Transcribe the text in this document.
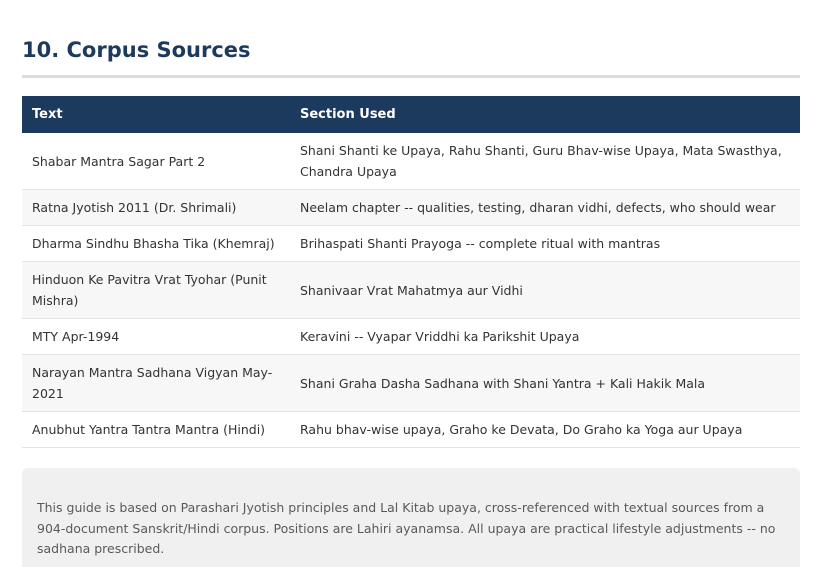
10. Corpus Sources
Text	Section Used
Shabar Mantra Sagar Part 2	Shani Shanti ke Upaya, Rahu Shanti, Guru Bhav-wise Upaya, Mata Swasthya, Chandra Upaya
Ratna Jyotish 2011 (Dr. Shrimali)	Neelam chapter -- qualities, testing, dharan vidhi, defects, who should wear
Dharma Sindhu Bhasha Tika (Khemraj)	Brihaspati Shanti Prayoga -- complete ritual with mantras
Hinduon Ke Pavitra Vrat Tyohar (Punit Mishra)	Shanivaar Vrat Mahatmya aur Vidhi
MTY Apr-1994	Keravini -- Vyapar Vriddhi ka Parikshit Upaya
Narayan Mantra Sadhana Vigyan May-2021	Shani Graha Dasha Sadhana with Shani Yantra + Kali Hakik Mala
Anubhut Yantra Tantra Mantra (Hindi)	Rahu bhav-wise upaya, Graho ke Devata, Do Graho ka Yoga aur Upaya
This guide is based on Parashari Jyotish principles and Lal Kitab upaya, cross-referenced with textual sources from a 904-document Sanskrit/Hindi corpus. Positions are Lahiri ayanamsa. All upaya are practical lifestyle adjustments -- no sadhana prescribed.
